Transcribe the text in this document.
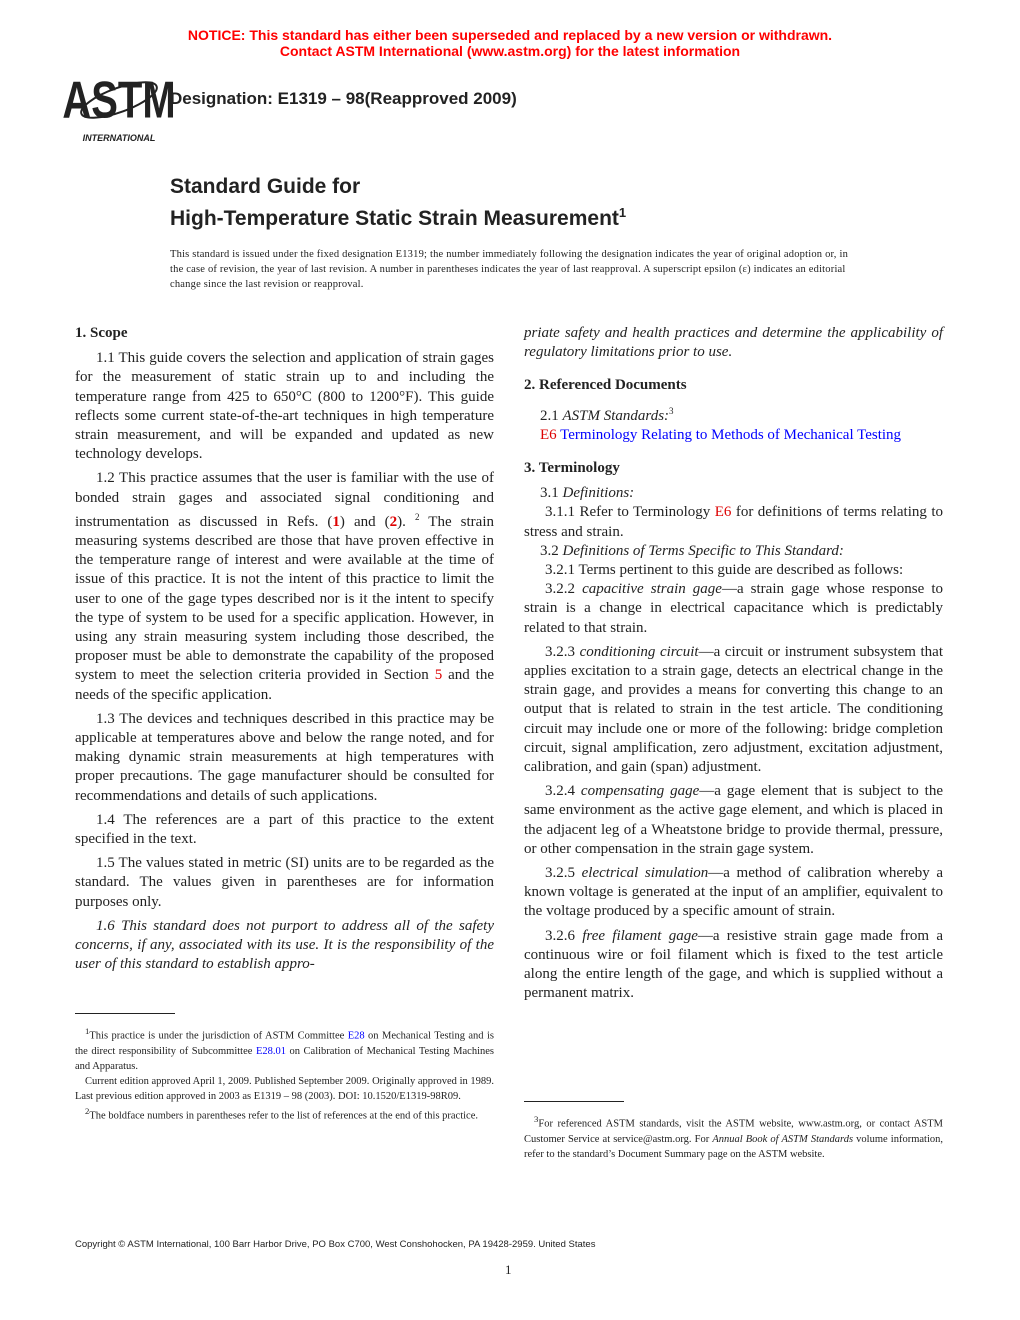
NOTICE: This standard has either been superseded and replaced by a new version or withdrawn.
Contact ASTM International (www.astm.org) for the latest information
ASTM
INTERNATIONAL
Designation: E1319 – 98(Reapproved 2009)
Standard Guide for
High-Temperature Static Strain Measurement$^1$
This standard is issued under the fixed designation E1319; the number immediately following the designation indicates the year of original adoption or, in the case of revision, the year of last revision. A number in parentheses indicates the year of last reapproval. A superscript epsilon (ε) indicates an editorial change since the last revision or reapproval.
1. Scope

1.1 This guide covers the selection and application of strain gages for the measurement of static strain up to and including the temperature range from 425 to 650°C (800 to 1200°F). This guide reflects some current state-of-the-art techniques in high temperature strain measurement, and will be expanded and updated as new technology develops.

1.2 This practice assumes that the user is familiar with the use of bonded strain gages and associated signal conditioning and instrumentation as discussed in Refs. (1) and (2). $^2$ The strain measuring systems described are those that have proven effective in the temperature range of interest and were available at the time of issue of this practice. It is not the intent of this practice to limit the user to one of the gage types described nor is it the intent to specify the type of system to be used for a specific application. However, in using any strain measuring system including those described, the proposer must be able to demonstrate the capability of the proposed system to meet the selection criteria provided in Section 5 and the needs of the specific application.

1.3 The devices and techniques described in this practice may be applicable at temperatures above and below the range noted, and for making dynamic strain measurements at high temperatures with proper precautions. The gage manufacturer should be consulted for recommendations and details of such applications.

1.4 The references are a part of this practice to the extent specified in the text.

1.5 The values stated in metric (SI) units are to be regarded as the standard. The values given in parentheses are for information purposes only.

1.6 This standard does not purport to address all of the safety concerns, if any, associated with its use. It is the responsibility of the user of this standard to establish appro-

$^1$This practice is under the jurisdiction of ASTM Committee E28 on Mechanical Testing and is the direct responsibility of Subcommittee E28.01 on Calibration of Mechanical Testing Machines and Apparatus.

Current edition approved April 1, 2009. Published September 2009. Originally approved in 1989. Last previous edition approved in 2003 as E1319 – 98 (2003). DOI: 10.1520/E1319-98R09.

$^2$The boldface numbers in parentheses refer to the list of references at the end of this practice.

priate safety and health practices and determine the applicability of regulatory limitations prior to use.

2. Referenced Documents

2.1 ASTM Standards:$^3$

E6 Terminology Relating to Methods of Mechanical Testing

3. Terminology

3.1 Definitions:

3.1.1 Refer to Terminology E6 for definitions of terms relating to stress and strain.

3.2 Definitions of Terms Specific to This Standard:

3.2.1 Terms pertinent to this guide are described as follows:

3.2.2 capacitive strain gage—a strain gage whose response to strain is a change in electrical capacitance which is predictably related to that strain.

3.2.3 conditioning circuit—a circuit or instrument subsystem that applies excitation to a strain gage, detects an electrical change in the strain gage, and provides a means for converting this change to an output that is related to strain in the test article. The conditioning circuit may include one or more of the following: bridge completion circuit, signal amplification, zero adjustment, excitation adjustment, calibration, and gain (span) adjustment.

3.2.4 compensating gage—a gage element that is subject to the same environment as the active gage element, and which is placed in the adjacent leg of a Wheatstone bridge to provide thermal, pressure, or other compensation in the strain gage system.

3.2.5 electrical simulation—a method of calibration whereby a known voltage is generated at the input of an amplifier, equivalent to the voltage produced by a specific amount of strain.

3.2.6 free filament gage—a resistive strain gage made from a continuous wire or foil filament which is fixed to the test article along the entire length of the gage, and which is supplied without a permanent matrix.

$^3$For referenced ASTM standards, visit the ASTM website, www.astm.org, or contact ASTM Customer Service at service@astm.org. For Annual Book of ASTM Standards volume information, refer to the standard’s Document Summary page on the ASTM website.

Copyright © ASTM International, 100 Barr Harbor Drive, PO Box C700, West Conshohocken, PA 19428-2959. United States
1
